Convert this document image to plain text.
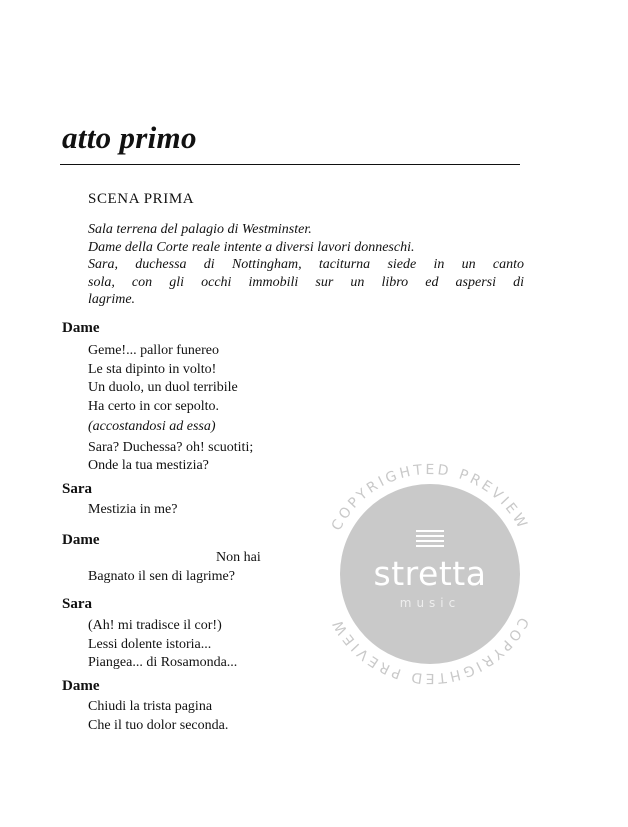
atto primo
SCENA PRIMA
Sala terrena del palagio di Westminster.
Dame della Corte reale intente a diversi lavori donneschi.
Sara, duchessa di Nottingham, taciturna siede in un canto
sola, con gli occhi immobili sur un libro ed aspersi di
lagrime.
Dame
Geme!... pallor funereo
Le sta dipinto in volto!
Un duolo, un duol terribile
Ha certo in cor sepolto.
(accostandosi ad essa)
Sara? Duchessa? oh! scuotiti;
Onde la tua mestizia?
Sara
Mestizia in me?
Dame
Non hai
Bagnato il sen di lagrime?
Sara
(Ah! mi tradisce il cor!)
Lessi dolente istoria...
Piangea... di Rosamonda...
Dame
Chiudi la trista pagina
Che il tuo dolor seconda.
COPYRIGHTED PREVIEW
COPYRIGHTED PREVIEW
stretta
music
